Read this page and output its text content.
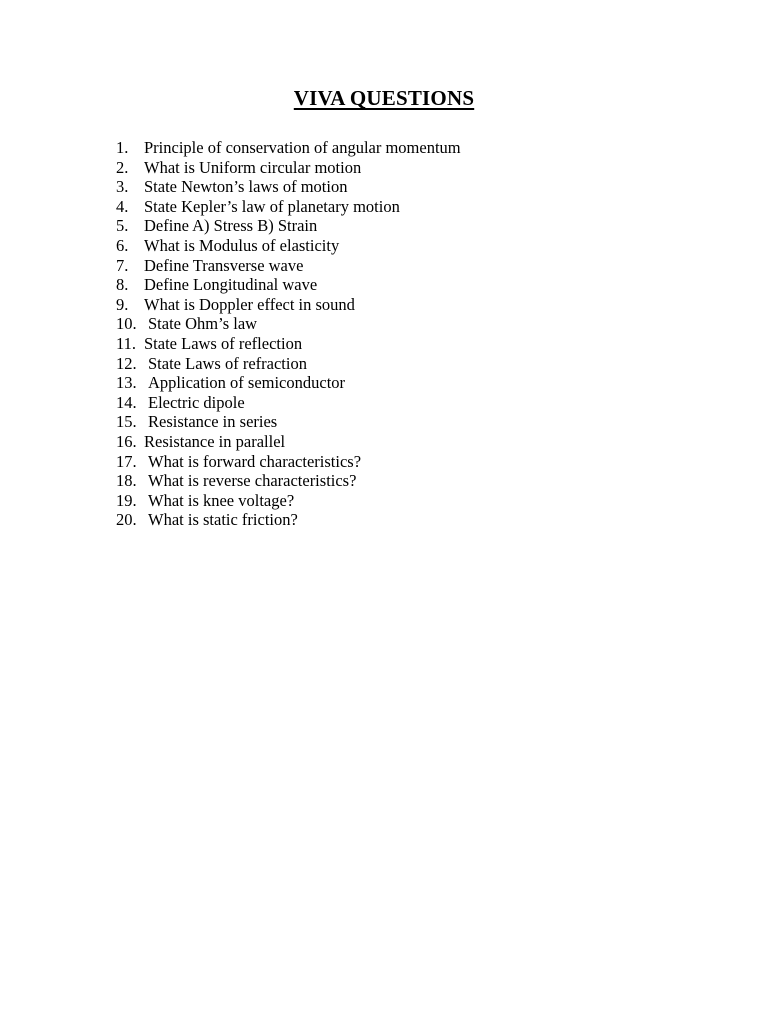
VIVA QUESTIONS
1. Principle of conservation of angular momentum
2. What is Uniform circular motion
3. State Newton’s laws of motion
4. State Kepler’s law of planetary motion
5. Define A) Stress B) Strain
6. What is Modulus of elasticity
7. Define Transverse wave
8. Define Longitudinal wave
9. What is Doppler effect in sound
10. State Ohm’s law
11. State Laws of reflection
12. State Laws of refraction
13. Application of semiconductor
14. Electric dipole
15. Resistance in series
16. Resistance in parallel
17. What is forward characteristics?
18. What is reverse characteristics?
19. What is knee voltage?
20. What is static friction?
